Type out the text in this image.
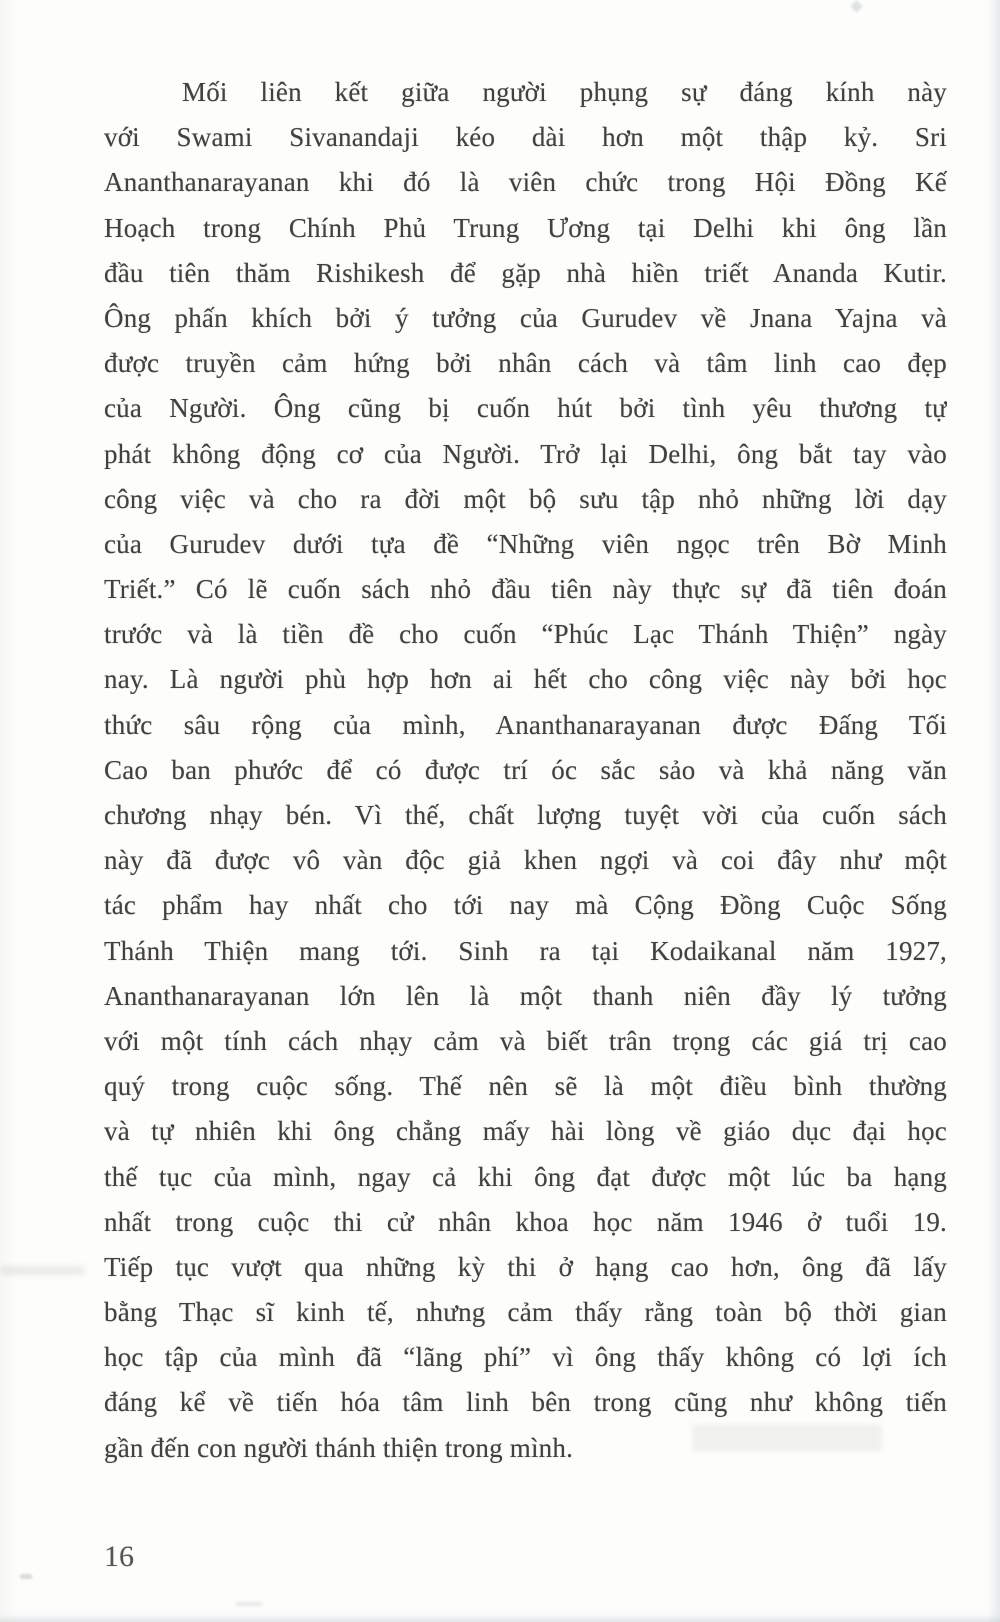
Mối liên kết giữa người phụng sự đáng kính này
với Swami Sivanandaji kéo dài hơn một thập kỷ. Sri
Ananthanarayanan khi đó là viên chức trong Hội Đồng Kế
Hoạch trong Chính Phủ Trung Ương tại Delhi khi ông lần
đầu tiên thăm Rishikesh để gặp nhà hiền triết Ananda Kutir.
Ông phấn khích bởi ý tưởng của Gurudev về Jnana Yajna và
được truyền cảm hứng bởi nhân cách và tâm linh cao đẹp
của Người. Ông cũng bị cuốn hút bởi tình yêu thương tự
phát không động cơ của Người. Trở lại Delhi, ông bắt tay vào
công việc và cho ra đời một bộ sưu tập nhỏ những lời dạy
của Gurudev dưới tựa đề “Những viên ngọc trên Bờ Minh
Triết.” Có lẽ cuốn sách nhỏ đầu tiên này thực sự đã tiên đoán
trước và là tiền đề cho cuốn “Phúc Lạc Thánh Thiện” ngày
nay. Là người phù hợp hơn ai hết cho công việc này bởi học
thức sâu rộng của mình, Ananthanarayanan được Đấng Tối
Cao ban phước để có được trí óc sắc sảo và khả năng văn
chương nhạy bén. Vì thế, chất lượng tuyệt vời của cuốn sách
này đã được vô vàn độc giả khen ngợi và coi đây như một
tác phẩm hay nhất cho tới nay mà Cộng Đồng Cuộc Sống
Thánh Thiện mang tới. Sinh ra tại Kodaikanal năm 1927,
Ananthanarayanan lớn lên là một thanh niên đầy lý tưởng
với một tính cách nhạy cảm và biết trân trọng các giá trị cao
quý trong cuộc sống. Thế nên sẽ là một điều bình thường
và tự nhiên khi ông chẳng mấy hài lòng về giáo dục đại học
thế tục của mình, ngay cả khi ông đạt được một lúc ba hạng
nhất trong cuộc thi cử nhân khoa học năm 1946 ở tuổi 19.
Tiếp tục vượt qua những kỳ thi ở hạng cao hơn, ông đã lấy
bằng Thạc sĩ kinh tế, nhưng cảm thấy rằng toàn bộ thời gian
học tập của mình đã “lãng phí” vì ông thấy không có lợi ích
đáng kể về tiến hóa tâm linh bên trong cũng như không tiến
gần đến con người thánh thiện trong mình.
16
